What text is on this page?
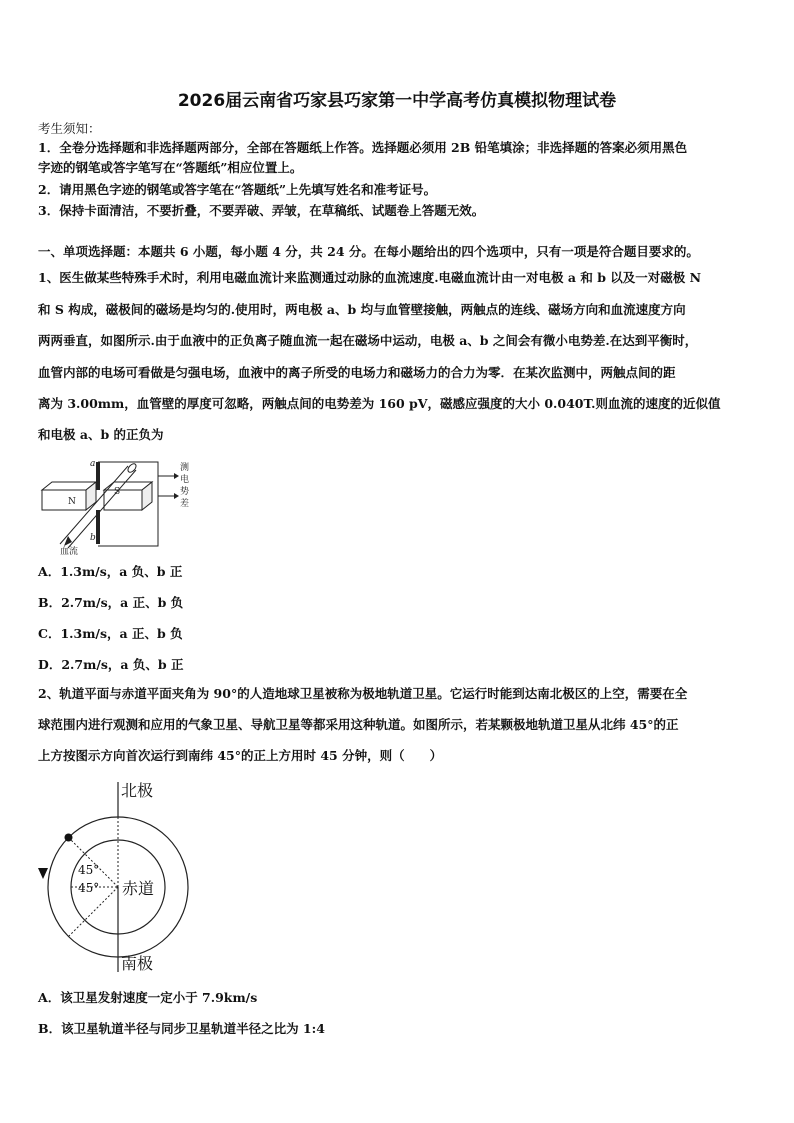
2026届云南省巧家县巧家第一中学高考仿真模拟物理试卷
考生须知：
1．全卷分选择题和非选择题两部分，全部在答题纸上作答。选择题必须用 2B 铅笔填涂；非选择题的答案必须用黑色
字迹的钢笔或答字笔写在“答题纸”相应位置上。
2．请用黑色字迹的钢笔或答字笔在“答题纸”上先填写姓名和准考证号。
3．保持卡面清洁，不要折叠，不要弄破、弄皱，在草稿纸、试题卷上答题无效。
一、单项选择题：本题共 6 小题，每小题 4 分，共 24 分。在每小题给出的四个选项中，只有一项是符合题目要求的。
1、医生做某些特殊手术时，利用电磁血流计来监测通过动脉的血流速度.电磁血流计由一对电极 a 和 b 以及一对磁极 N
和 S 构成，磁极间的磁场是均匀的.使用时，两电极 a、b 均与血管壁接触，两触点的连线、磁场方向和血流速度方向
两两垂直，如图所示.由于血液中的正负离子随血流一起在磁场中运动，电极 a、b 之间会有微小电势差.在达到平衡时，
血管内部的电场可看做是匀强电场，血液中的离子所受的电场力和磁场力的合力为零．在某次监测中，两触点间的距
离为 3.00mm，血管壁的厚度可忽略，两触点间的电势差为 160 pV，磁感应强度的大小 0.040T.则血流的速度的近似值
和电极 a、b 的正负为
a
b
N
S
血流
测
电
势
差
A．1.3m/s，a 负、b 正
B．2.7m/s，a 正、b 负
C．1.3m/s，a 正、b 负
D．2.7m/s，a 负、b 正
2、轨道平面与赤道平面夹角为 90°的人造地球卫星被称为极地轨道卫星。它运行时能到达南北极区的上空，需要在全
球范围内进行观测和应用的气象卫星、导航卫星等都采用这种轨道。如图所示，若某颗极地轨道卫星从北纬 45°的正
上方按图示方向首次运行到南纬 45°的正上方用时 45 分钟，则（　　）
北极
南极
赤道
45°
45°
A．该卫星发射速度一定小于 7.9km/s
B．该卫星轨道半径与同步卫星轨道半径之比为 1:4
